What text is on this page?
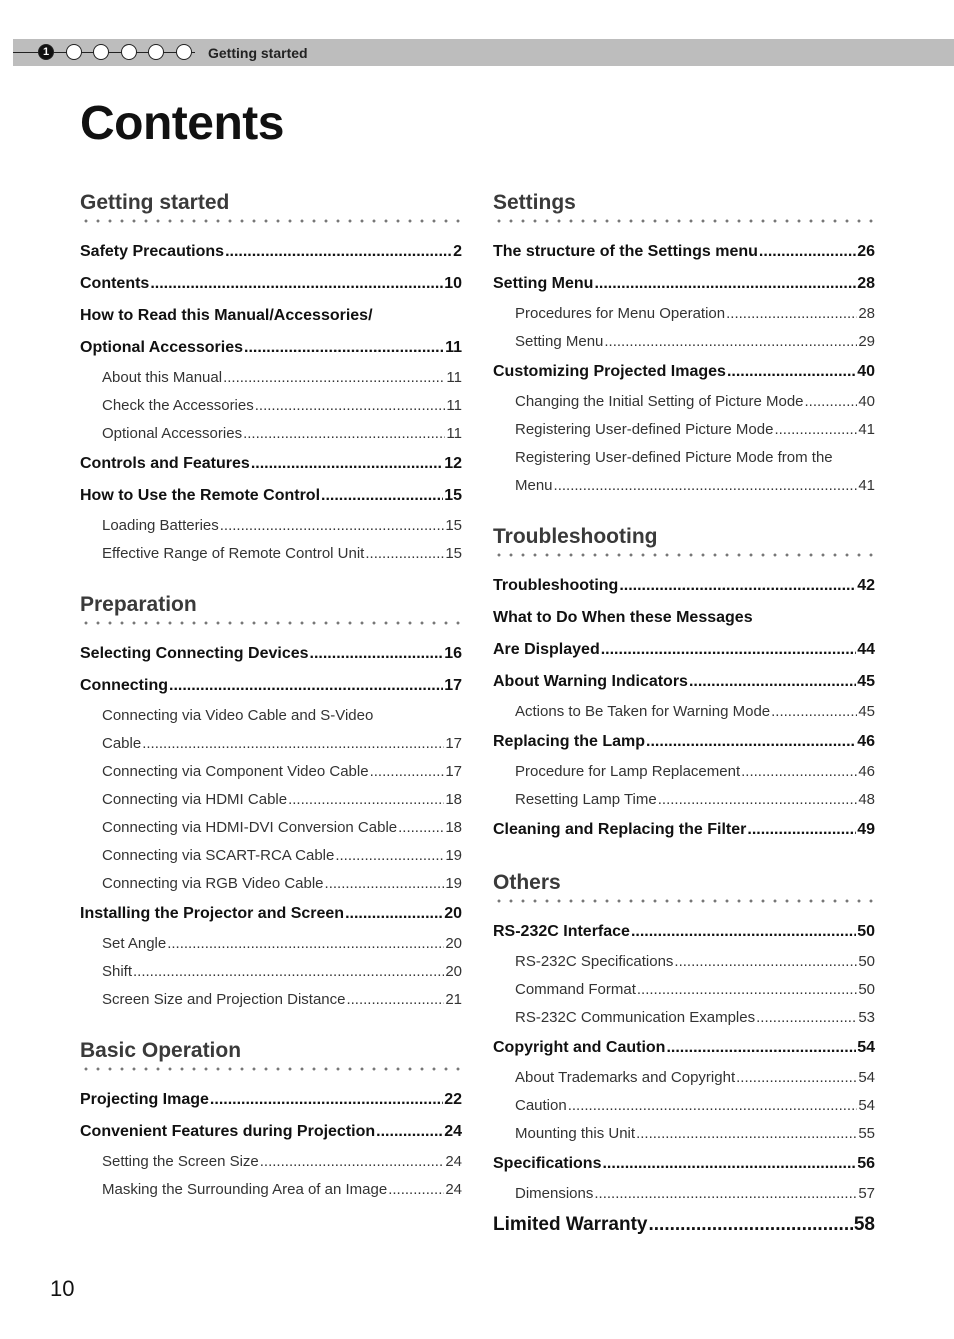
1	Getting started
Contents
Getting started
Safety Precautions .....	2
Contents .....	10
How to Read this Manual/Accessories/
Optional Accessories .....	11
About this Manual .....	11
Check the Accessories .....	11
Optional Accessories .....	11
Controls and Features .....	12
How to Use the Remote Control .....	15
Loading Batteries .....	15
Effective Range of Remote Control Unit .....	15
Preparation
Selecting Connecting Devices .....	16
Connecting .....	17
Connecting via Video Cable and S-Video
Cable .....	17
Connecting via Component Video Cable .....	17
Connecting via HDMI Cable .....	18
Connecting via HDMI-DVI Conversion Cable .....	18
Connecting via SCART-RCA Cable .....	19
Connecting via RGB Video Cable .....	19
Installing the Projector and Screen .....	20
Set Angle .....	20
Shift .....	20
Screen Size and Projection Distance .....	21
Basic Operation
Projecting Image .....	22
Convenient Features during Projection .....	24
Setting the Screen Size .....	24
Masking the Surrounding Area of an Image .....	24
Settings
The structure of the Settings menu .....	26
Setting Menu .....	28
Procedures for Menu Operation .....	28
Setting Menu .....	29
Customizing Projected Images .....	40
Changing the Initial Setting of Picture Mode .....	40
Registering User-defined Picture Mode .....	41
Registering User-defined Picture Mode from the
Menu .....	41
Troubleshooting
Troubleshooting .....	42
What to Do When these Messages
Are Displayed .....	44
About Warning Indicators .....	45
Actions to Be Taken for Warning Mode .....	45
Replacing the Lamp .....	46
Procedure for Lamp Replacement .....	46
Resetting Lamp Time .....	48
Cleaning and Replacing the Filter .....	49
Others
RS-232C Interface .....	50
RS-232C Specifications .....	50
Command Format .....	50
RS-232C Communication Examples .....	53
Copyright and Caution .....	54
About Trademarks and Copyright .....	54
Caution .....	54
Mounting this Unit .....	55
Specifications .....	56
Dimensions .....	57
Limited Warranty .....	58
10
